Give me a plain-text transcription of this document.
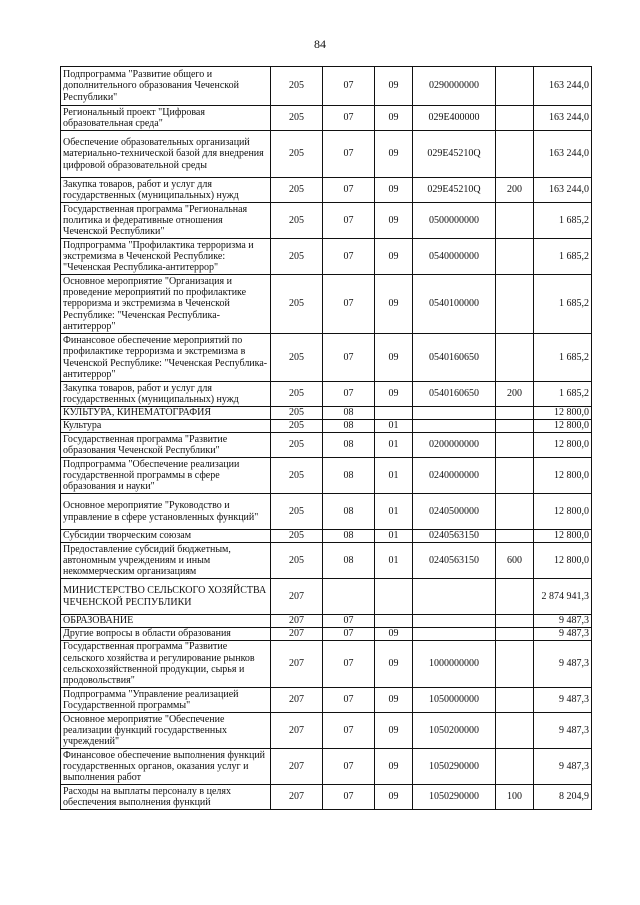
84
Подпрограмма "Развитие общего и дополнительного образования Чеченской Республики"	205	07	09	0290000000		163 244,0
Региональный проект "Цифровая образовательная среда"	205	07	09	029E400000		163 244,0
Обеспечение образовательных организаций материально-технической базой для внедрения цифровой образовательной среды	205	07	09	029E45210Q		163 244,0
Закупка товаров, работ и услуг для государственных (муниципальных) нужд	205	07	09	029E45210Q	200	163 244,0
Государственная программа "Региональная политика и федеративные отношения Чеченской Республики"	205	07	09	0500000000		1 685,2
Подпрограмма "Профилактика терроризма и экстремизма в Чеченской Республике: "Чеченская Республика-антитеррор"	205	07	09	0540000000		1 685,2
Основное мероприятие "Организация и проведение мероприятий по профилактике терроризма и экстремизма в Чеченской Республике: "Чеченская Республика-антитеррор"	205	07	09	0540100000		1 685,2
Финансовое обеспечение мероприятий по профилактике терроризма и экстремизма в Чеченской Республике: "Чеченская Республика-антитеррор"	205	07	09	0540160650		1 685,2
Закупка товаров, работ и услуг для государственных (муниципальных) нужд	205	07	09	0540160650	200	1 685,2
КУЛЬТУРА, КИНЕМАТОГРАФИЯ	205	08				12 800,0
Культура	205	08	01			12 800,0
Государственная программа "Развитие образования Чеченской Республики"	205	08	01	0200000000		12 800,0
Подпрограмма "Обеспечение реализации государственной программы в сфере образования и науки"	205	08	01	0240000000		12 800,0
Основное мероприятие "Руководство и управление в сфере установленных функций"	205	08	01	0240500000		12 800,0
Субсидии творческим союзам	205	08	01	0240563150		12 800,0
Предоставление субсидий бюджетным, автономным учреждениям и иным некоммерческим организациям	205	08	01	0240563150	600	12 800,0
МИНИСТЕРСТВО СЕЛЬСКОГО ХОЗЯЙСТВА ЧЕЧЕНСКОЙ РЕСПУБЛИКИ	207					2 874 941,3
ОБРАЗОВАНИЕ	207	07				9 487,3
Другие вопросы в области образования	207	07	09			9 487,3
Государственная программа "Развитие сельского хозяйства и регулирование рынков сельскохозяйственной продукции, сырья и продовольствия"	207	07	09	1000000000		9 487,3
Подпрограмма "Управление реализацией Государственной программы"	207	07	09	1050000000		9 487,3
Основное мероприятие "Обеспечение реализации функций государственных учреждений"	207	07	09	1050200000		9 487,3
Финансовое обеспечение выполнения функций государственных органов, оказания услуг и выполнения работ	207	07	09	1050290000		9 487,3
Расходы на выплаты персоналу в целях обеспечения выполнения функций	207	07	09	1050290000	100	8 204,9
